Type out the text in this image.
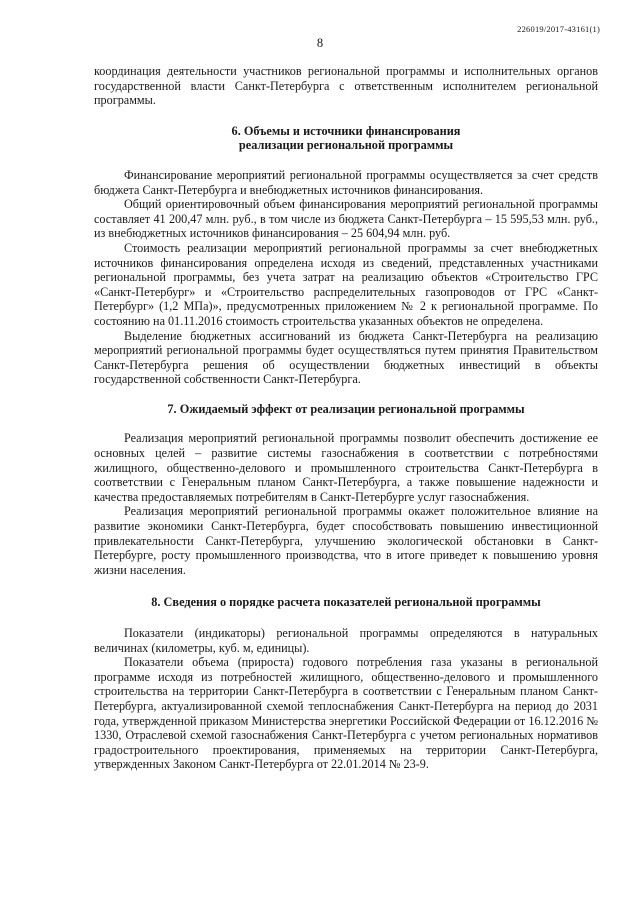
226019/2017-43161(1)
8

координация деятельности участников региональной программы и исполнительных органов государственной власти Санкт-Петербурга с ответственным исполнителем региональной программы.

6. Объемы и источники финансирования
реализации региональной программы

Финансирование мероприятий региональной программы осуществляется за счет средств бюджета Санкт-Петербурга и внебюджетных источников финансирования.

Общий ориентировочный объем финансирования мероприятий региональной программы составляет 41 200,47 млн. руб., в том числе из бюджета Санкт-Петербурга – 15 595,53 млн. руб., из внебюджетных источников финансирования – 25 604,94 млн. руб.

Стоимость реализации мероприятий региональной программы за счет внебюджетных источников финансирования определена исходя из сведений, представленных участниками региональной программы, без учета затрат на реализацию объектов «Строительство ГРС «Санкт-Петербург» и «Строительство распределительных газопроводов от ГРС «Санкт-Петербург» (1,2 МПа)», предусмотренных приложением № 2 к региональной программе. По состоянию на 01.11.2016 стоимость строительства указанных объектов не определена.

Выделение бюджетных ассигнований из бюджета Санкт-Петербурга на реализацию мероприятий региональной программы будет осуществляться путем принятия Правительством Санкт-Петербурга решения об осуществлении бюджетных инвестиций в объекты государственной собственности Санкт-Петербурга.

7. Ожидаемый эффект от реализации региональной программы

Реализация мероприятий региональной программы позволит обеспечить достижение ее основных целей – развитие системы газоснабжения в соответствии с потребностями жилищного, общественно-делового и промышленного строительства Санкт-Петербурга в соответствии с Генеральным планом Санкт-Петербурга, а также повышение надежности и качества предоставляемых потребителям в Санкт-Петербурге услуг газоснабжения.

Реализация мероприятий региональной программы окажет положительное влияние на развитие экономики Санкт-Петербурга, будет способствовать повышению инвестиционной привлекательности Санкт-Петербурга, улучшению экологической обстановки в Санкт-Петербурге, росту промышленного производства, что в итоге приведет к повышению уровня жизни населения.

8. Сведения о порядке расчета показателей региональной программы

Показатели (индикаторы) региональной программы определяются в натуральных величинах (километры, куб. м, единицы).

Показатели объема (прироста) годового потребления газа указаны в региональной программе исходя из потребностей жилищного, общественно-делового и промышленного строительства на территории Санкт-Петербурга в соответствии с Генеральным планом Санкт-Петербурга, актуализированной схемой теплоснабжения Санкт-Петербурга на период до 2031 года, утвержденной приказом Министерства энергетики Российской Федерации от 16.12.2016 № 1330, Отраслевой схемой газоснабжения Санкт-Петербурга с учетом региональных нормативов градостроительного проектирования, применяемых на территории Санкт-Петербурга, утвержденных Законом Санкт-Петербурга от 22.01.2014 № 23-9.
